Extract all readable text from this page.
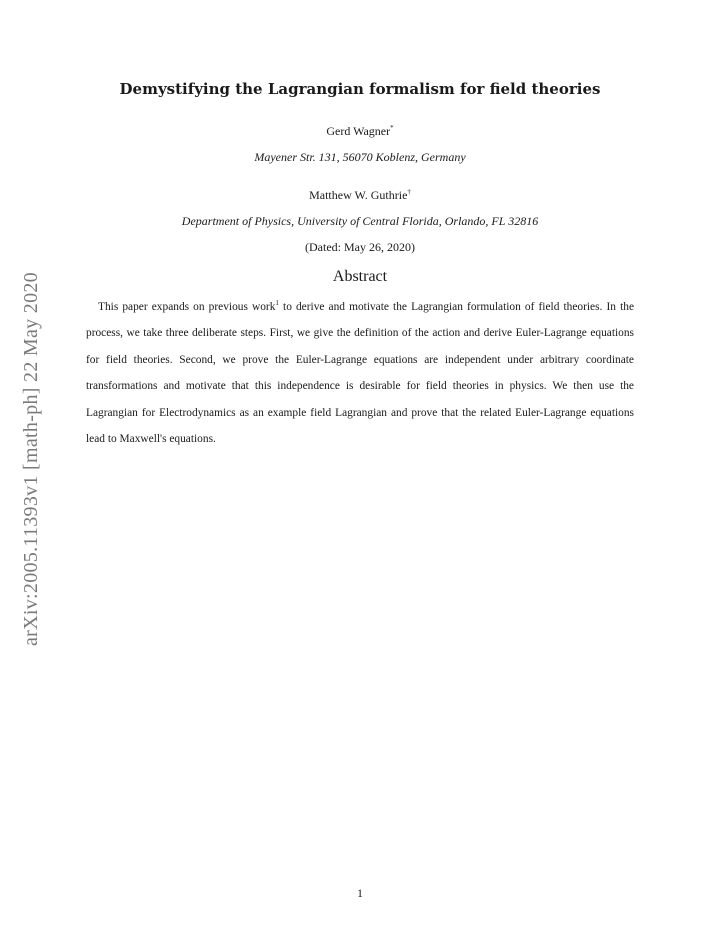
arXiv:2005.11393v1 [math-ph] 22 May 2020
Demystifying the Lagrangian formalism for field theories
Gerd Wagner*
Mayener Str. 131, 56070 Koblenz, Germany
Matthew W. Guthrie†
Department of Physics, University of Central Florida, Orlando, FL 32816
(Dated: May 26, 2020)
Abstract

This paper expands on previous work$^1$ to derive and motivate the Lagrangian formulation of field theories. In the process, we take three deliberate steps. First, we give the definition of the action and derive Euler-Lagrange equations for field theories. Second, we prove the Euler-Lagrange equations are independent under arbitrary coordinate transformations and motivate that this independence is desirable for field theories in physics. We then use the Lagrangian for Electrodynamics as an example field Lagrangian and prove that the related Euler-Lagrange equations lead to Maxwell's equations.

1
